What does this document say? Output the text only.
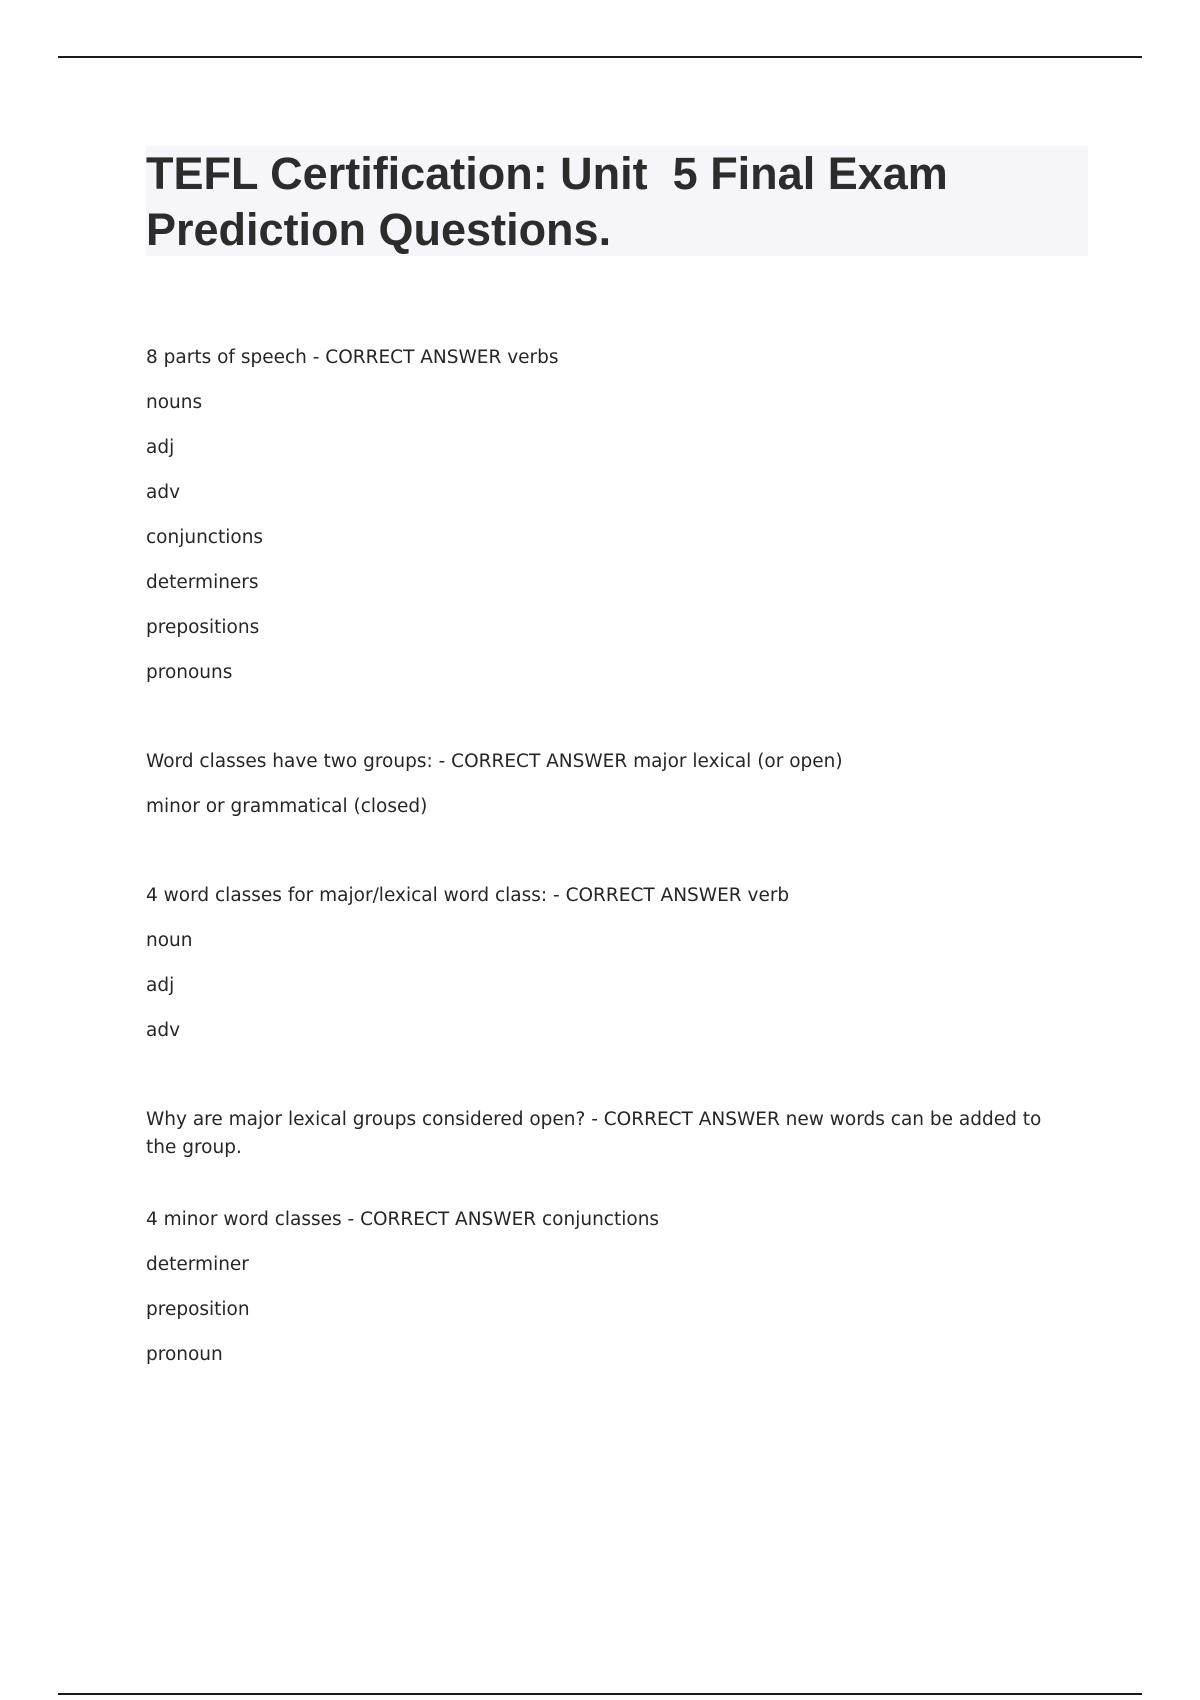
TEFL Certification: Unit  5 Final Exam Prediction Questions.

8 parts of speech - CORRECT ANSWER verbs

nouns

adj

adv

conjunctions

determiners

prepositions

pronouns

Word classes have two groups: - CORRECT ANSWER major lexical (or open)

minor or grammatical (closed)

4 word classes for major/lexical word class: - CORRECT ANSWER verb

noun

adj

adv

Why are major lexical groups considered open? - CORRECT ANSWER new words can be added to the group.

4 minor word classes - CORRECT ANSWER conjunctions

determiner

preposition

pronoun
